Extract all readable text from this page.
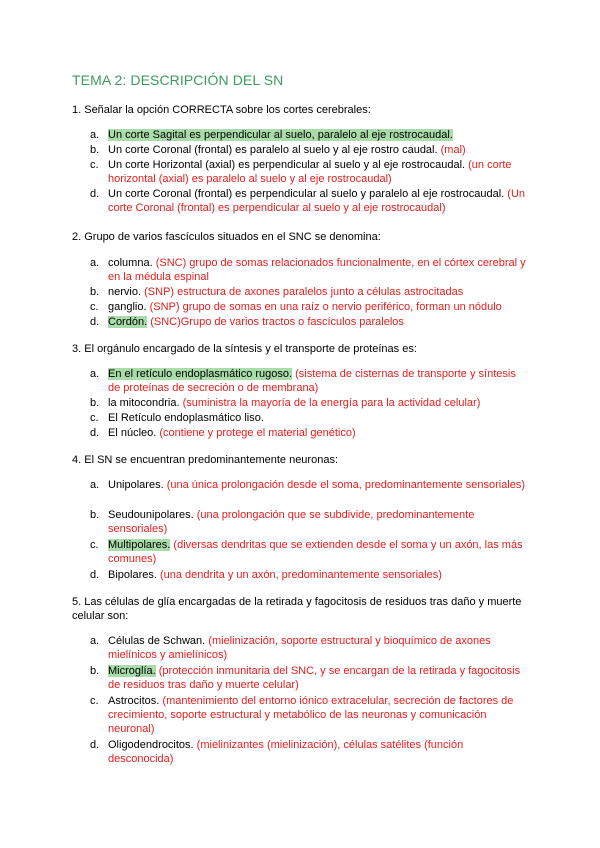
TEMA 2: DESCRIPCIÓN DEL SN
1. Señalar la opción CORRECTA sobre los cortes cerebrales:
a. Un corte Sagital es perpendicular al suelo, paralelo al eje rostrocaudal.
b. Un corte Coronal (frontal) es paralelo al suelo y al eje rostro caudal. (mal)
c. Un corte Horizontal (axial) es perpendicular al suelo y al eje rostrocaudal. (un corte horizontal (axial) es paralelo al suelo y al eje rostrocaudal)
d. Un corte Coronal (frontal) es perpendicular al suelo y paralelo al eje rostrocaudal. (Un corte Coronal (frontal) es perpendicular al suelo y al eje rostrocaudal)
2. Grupo de varios fascículos situados en el SNC se denomina:
a. columna. (SNC) grupo de somas relacionados funcionalmente, en el córtex cerebral y en la médula espinal
b. nervio. (SNP) estructura de axones paralelos junto a células astrocitadas
c. ganglio. (SNP) grupo de somas en una raíz o nervio periférico, forman un nódulo
d. Cordón. (SNC)Grupo de varios tractos o fascículos paralelos
3. El orgánulo encargado de la síntesis y el transporte de proteínas es:
a. En el retículo endoplasmático rugoso. (sistema de cisternas de transporte y síntesis de proteínas de secreción o de membrana)
b. la mitocondria. (suministra la mayoría de la energía para la actividad celular)
c. El Retículo endoplasmático liso.
d. El núcleo. (contiene y protege el material genético)
4. El SN se encuentran predominantemente neuronas:
a. Unipolares. (una única prolongación desde el soma, predominantemente sensoriales)
b. Seudounipolares. (una prolongación que se subdivide, predominantemente sensoriales)
c. Multipolares. (diversas dendritas que se extienden desde el soma y un axón, las más comunes)
d. Bipolares. (una dendrita y un axón, predominantemente sensoriales)
5. Las células de glía encargadas de la retirada y fagocitosis de residuos tras daño y muerte celular son:
a. Células de Schwan. (mielinización, soporte estructural y bioquímico de axones mielínicos y amielínicos)
b. Microglía. (protección inmunitaria del SNC, y se encargan de la retirada y fagocitosis de residuos tras daño y muerte celular)
c. Astrocitos. (mantenimiento del entorno iónico extracelular, secreción de factores de crecimiento, soporte estructural y metabólico de las neuronas y comunicación neuronal)
d. Oligodendrocitos. (mielinizantes (mielinización), células satélites (función desconocida)
